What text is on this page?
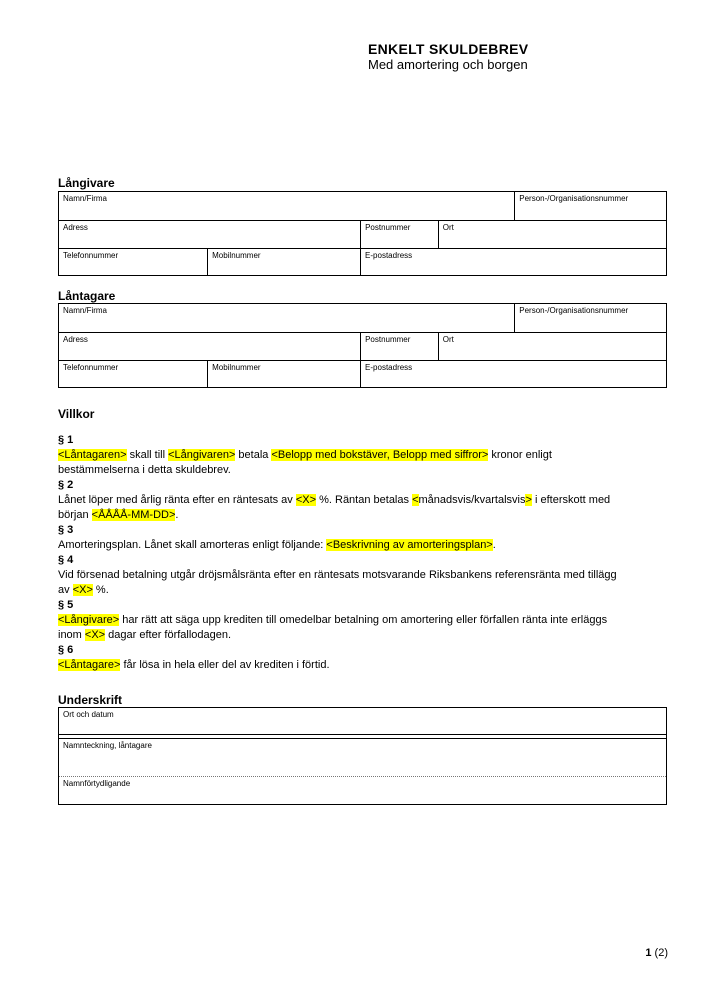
ENKELT SKULDEBREV

Med amortering och borgen

Långivare
Namn/Firma	Person-/Organisationsnummer
Adress	Postnummer	Ort
Telefonnummer	Mobilnummer	E-postadress
Låntagare
Namn/Firma	Person-/Organisationsnummer
Adress	Postnummer	Ort
Telefonnummer	Mobilnummer	E-postadress
Villkor
§ 1
<Låntagaren> skall till <Långivaren> betala <Belopp med bokstäver, Belopp med siffror> kronor enligt
bestämmelserna i detta skuldebrev.
§ 2
Lånet löper med årlig ränta efter en räntesats av <X> %. Räntan betalas <månadsvis/kvartalsvis> i efterskott med
början <ÅÅÅÅ-MM-DD>.
§ 3
Amorteringsplan. Lånet skall amorteras enligt följande: <Beskrivning av amorteringsplan>.
§ 4
Vid försenad betalning utgår dröjsmålsränta efter en räntesats motsvarande Riksbankens referensränta med tillägg
av <X> %.
§ 5
<Långivare> har rätt att säga upp krediten till omedelbar betalning om amortering eller förfallen ränta inte erläggs
inom <X> dagar efter förfallodagen.
§ 6
<Låntagare> får lösa in hela eller del av krediten i förtid.
Underskrift
Ort och datum
Namnteckning, låntagare
Namnförtydligande
1 (2)
